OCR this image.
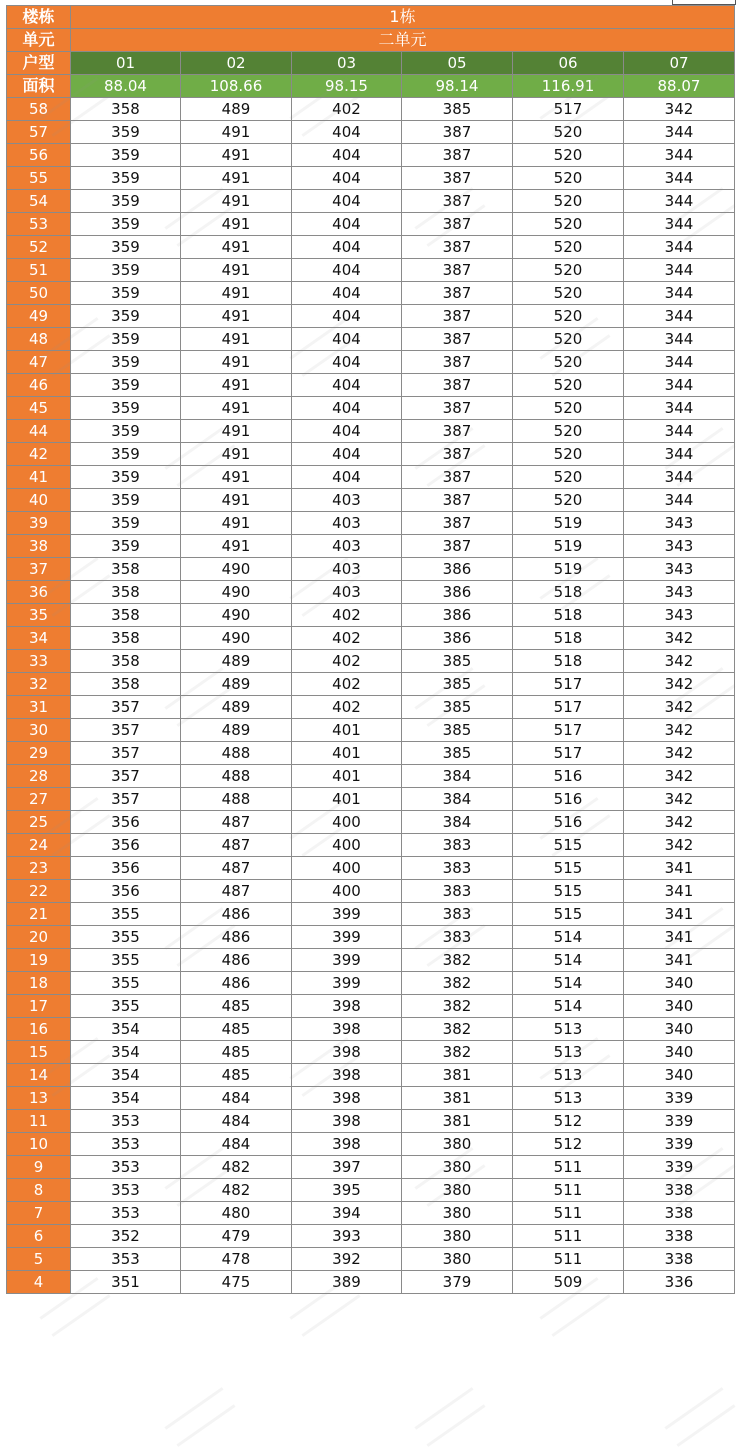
楼栋	1栋					
单元	二单元					
户型	01	02	03	05	06	07
面积	88.04	108.66	98.15	98.14	116.91	88.07
58	358	489	402	385	517	342
57	359	491	404	387	520	344
56	359	491	404	387	520	344
55	359	491	404	387	520	344
54	359	491	404	387	520	344
53	359	491	404	387	520	344
52	359	491	404	387	520	344
51	359	491	404	387	520	344
50	359	491	404	387	520	344
49	359	491	404	387	520	344
48	359	491	404	387	520	344
47	359	491	404	387	520	344
46	359	491	404	387	520	344
45	359	491	404	387	520	344
44	359	491	404	387	520	344
42	359	491	404	387	520	344
41	359	491	404	387	520	344
40	359	491	403	387	520	344
39	359	491	403	387	519	343
38	359	491	403	387	519	343
37	358	490	403	386	519	343
36	358	490	403	386	518	343
35	358	490	402	386	518	343
34	358	490	402	386	518	342
33	358	489	402	385	518	342
32	358	489	402	385	517	342
31	357	489	402	385	517	342
30	357	489	401	385	517	342
29	357	488	401	385	517	342
28	357	488	401	384	516	342
27	357	488	401	384	516	342
25	356	487	400	384	516	342
24	356	487	400	383	515	342
23	356	487	400	383	515	341
22	356	487	400	383	515	341
21	355	486	399	383	515	341
20	355	486	399	383	514	341
19	355	486	399	382	514	341
18	355	486	399	382	514	340
17	355	485	398	382	514	340
16	354	485	398	382	513	340
15	354	485	398	382	513	340
14	354	485	398	381	513	340
13	354	484	398	381	513	339
11	353	484	398	381	512	339
10	353	484	398	380	512	339
9	353	482	397	380	511	339
8	353	482	395	380	511	338
7	353	480	394	380	511	338
6	352	479	393	380	511	338
5	353	478	392	380	511	338
4	351	475	389	379	509	336
